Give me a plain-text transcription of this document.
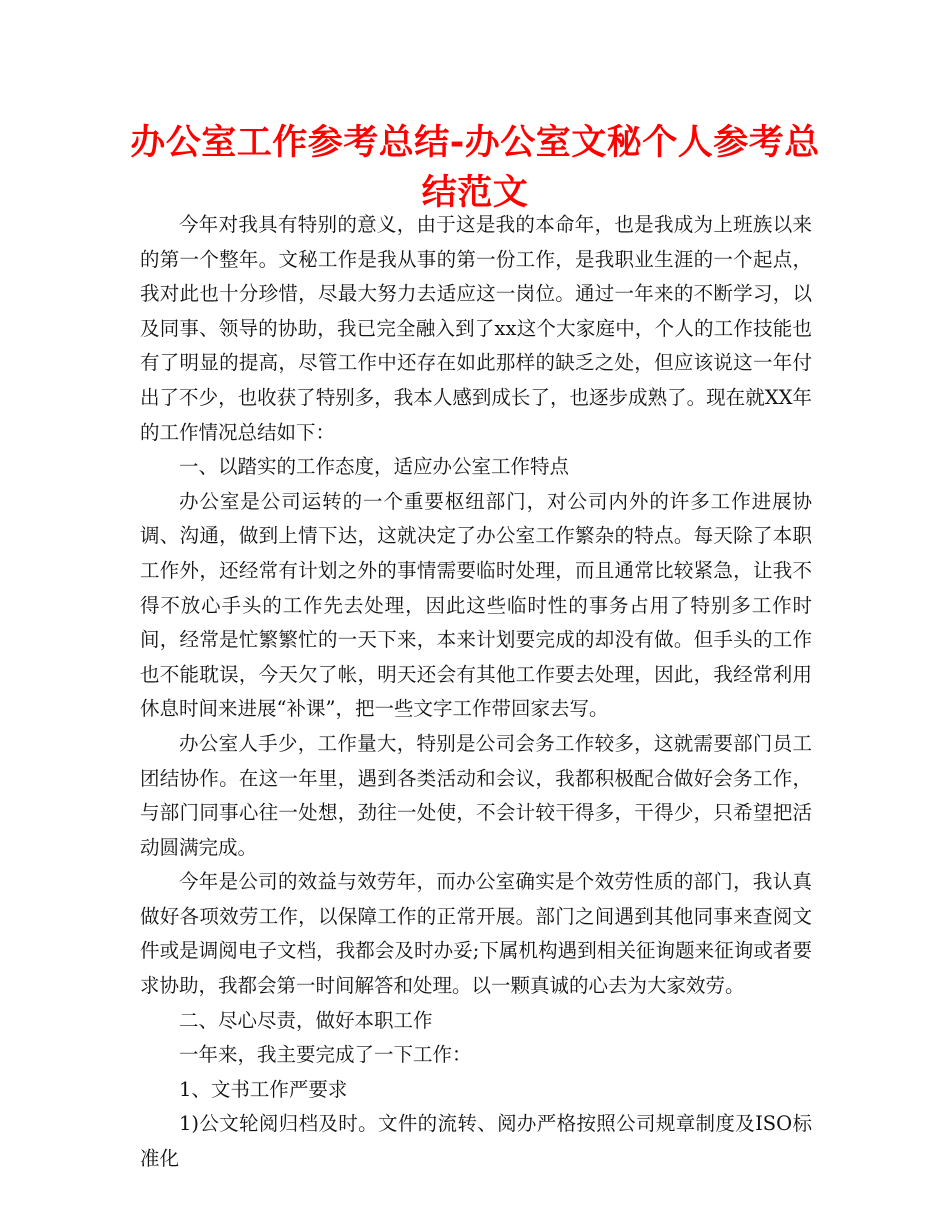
办公室工作参考总结-办公室文秘个人参考总结范文

今年对我具有特别的意义，由于这是我的本命年，也是我成为上班族以来的第一个整年。文秘工作是我从事的第一份工作，是我职业生涯的一个起点，我对此也十分珍惜，尽最大努力去适应这一岗位。通过一年来的不断学习，以及同事、领导的协助，我已完全融入到了xx这个大家庭中，个人的工作技能也有了明显的提高，尽管工作中还存在如此那样的缺乏之处，但应该说这一年付出了不少，也收获了特别多，我本人感到成长了，也逐步成熟了。现在就XX年的工作情况总结如下：

一、以踏实的工作态度，适应办公室工作特点

办公室是公司运转的一个重要枢纽部门，对公司内外的许多工作进展协调、沟通，做到上情下达，这就决定了办公室工作繁杂的特点。每天除了本职工作外，还经常有计划之外的事情需要临时处理，而且通常比较紧急，让我不得不放心手头的工作先去处理，因此这些临时性的事务占用了特别多工作时间，经常是忙繁繁忙的一天下来，本来计划要完成的却没有做。但手头的工作也不能耽误，今天欠了帐，明天还会有其他工作要去处理，因此，我经常利用休息时间来进展“补课”，把一些文字工作带回家去写。

办公室人手少，工作量大，特别是公司会务工作较多，这就需要部门员工团结协作。在这一年里，遇到各类活动和会议，我都积极配合做好会务工作，与部门同事心往一处想，劲往一处使，不会计较干得多，干得少，只希望把活动圆满完成。

今年是公司的效益与效劳年，而办公室确实是个效劳性质的部门，我认真做好各项效劳工作，以保障工作的正常开展。部门之间遇到其他同事来查阅文件或是调阅电子文档，我都会及时办妥;下属机构遇到相关征询题来征询或者要求协助，我都会第一时间解答和处理。以一颗真诚的心去为大家效劳。

二、尽心尽责，做好本职工作

一年来，我主要完成了一下工作：

1、文书工作严要求

1)公文轮阅归档及时。文件的流转、阅办严格按照公司规章制度及ISO标准化
